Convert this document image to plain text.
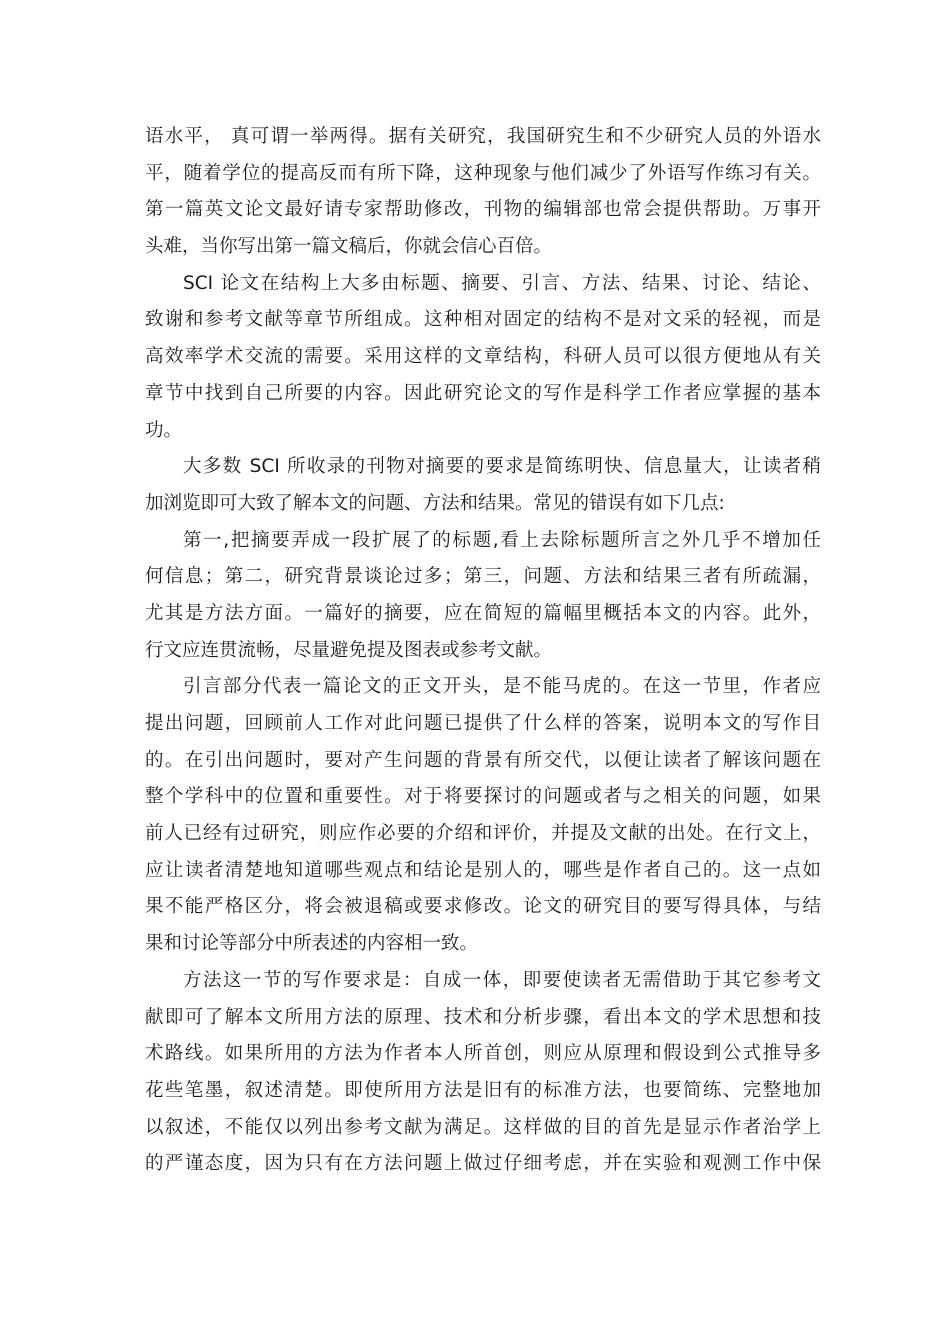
语水平， 真可谓一举两得。据有关研究，我国研究生和不少研究人员的外语水
平，随着学位的提高反而有所下降，这种现象与他们减少了外语写作练习有关。
第一篇英文论文最好请专家帮助修改，刊物的编辑部也常会提供帮助。万事开
头难，当你写出第一篇文稿后，你就会信心百倍。
SCI 论文在结构上大多由标题、摘要、引言、方法、结果、讨论、结论、
致谢和参考文献等章节所组成。这种相对固定的结构不是对文采的轻视，而是
高效率学术交流的需要。采用这样的文章结构，科研人员可以很方便地从有关
章节中找到自己所要的内容。因此研究论文的写作是科学工作者应掌握的基本
功。
大多数 SCI 所收录的刊物对摘要的要求是简练明快、信息量大，让读者稍
加浏览即可大致了解本文的问题、方法和结果。常见的错误有如下几点:
第一,把摘要弄成一段扩展了的标题,看上去除标题所言之外几乎不增加任
何信息；第二，研究背景谈论过多；第三，问题、方法和结果三者有所疏漏，
尤其是方法方面。一篇好的摘要，应在简短的篇幅里概括本文的内容。此外，
行文应连贯流畅，尽量避免提及图表或参考文献。
引言部分代表一篇论文的正文开头，是不能马虎的。在这一节里，作者应
提出问题，回顾前人工作对此问题已提供了什么样的答案，说明本文的写作目
的。在引出问题时，要对产生问题的背景有所交代，以便让读者了解该问题在
整个学科中的位置和重要性。对于将要探讨的问题或者与之相关的问题，如果
前人已经有过研究，则应作必要的介绍和评价，并提及文献的出处。在行文上，
应让读者清楚地知道哪些观点和结论是别人的，哪些是作者自己的。这一点如
果不能严格区分，将会被退稿或要求修改。论文的研究目的要写得具体，与结
果和讨论等部分中所表述的内容相一致。
方法这一节的写作要求是：自成一体，即要使读者无需借助于其它参考文
献即可了解本文所用方法的原理、技术和分析步骤，看出本文的学术思想和技
术路线。如果所用的方法为作者本人所首创，则应从原理和假设到公式推导多
花些笔墨，叙述清楚。即使所用方法是旧有的标准方法，也要简练、完整地加
以叙述，不能仅以列出参考文献为满足。这样做的目的首先是显示作者治学上
的严谨态度，因为只有在方法问题上做过仔细考虑，并在实验和观测工作中保
